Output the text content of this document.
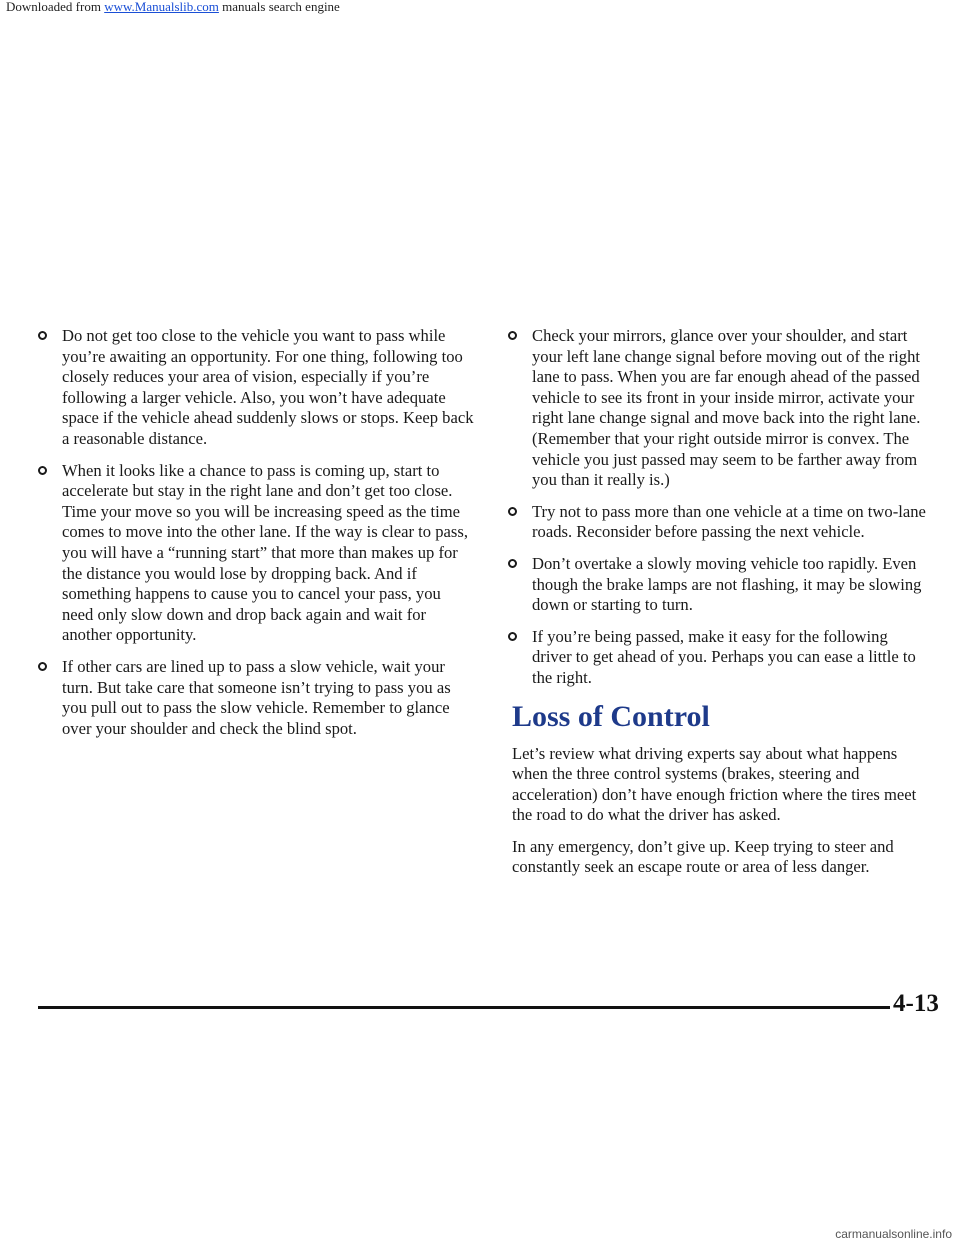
Downloaded from www.Manualslib.com manuals search engine
Do not get too close to the vehicle you want to pass while you’re awaiting an opportunity. For one thing, following too closely reduces your area of vision, especially if you’re following a larger vehicle. Also, you won’t have adequate space if the vehicle ahead suddenly slows or stops. Keep back a reasonable distance.
When it looks like a chance to pass is coming up, start to accelerate but stay in the right lane and don’t get too close. Time your move so you will be increasing speed as the time comes to move into the other lane. If the way is clear to pass, you will have a “running start” that more than makes up for the distance you would lose by dropping back. And if something happens to cause you to cancel your pass, you need only slow down and drop back again and wait for another opportunity.
If other cars are lined up to pass a slow vehicle, wait your turn. But take care that someone isn’t trying to pass you as you pull out to pass the slow vehicle. Remember to glance over your shoulder and check the blind spot.
Check your mirrors, glance over your shoulder, and start your left lane change signal before moving out of the right lane to pass. When you are far enough ahead of the passed vehicle to see its front in your inside mirror, activate your right lane change signal and move back into the right lane. (Remember that your right outside mirror is convex. The vehicle you just passed may seem to be farther away from you than it really is.)
Try not to pass more than one vehicle at a time on two-lane roads. Reconsider before passing the next vehicle.
Don’t overtake a slowly moving vehicle too rapidly. Even though the brake lamps are not flashing, it may be slowing down or starting to turn.
If you’re being passed, make it easy for the following driver to get ahead of you. Perhaps you can ease a little to the right.
Loss of Control

Let’s review what driving experts say about what happens when the three control systems (brakes, steering and acceleration) don’t have enough friction where the tires meet the road to do what the driver has asked.

In any emergency, don’t give up. Keep trying to steer and constantly seek an escape route or area of less danger.

4-13
carmanualsonline.info
